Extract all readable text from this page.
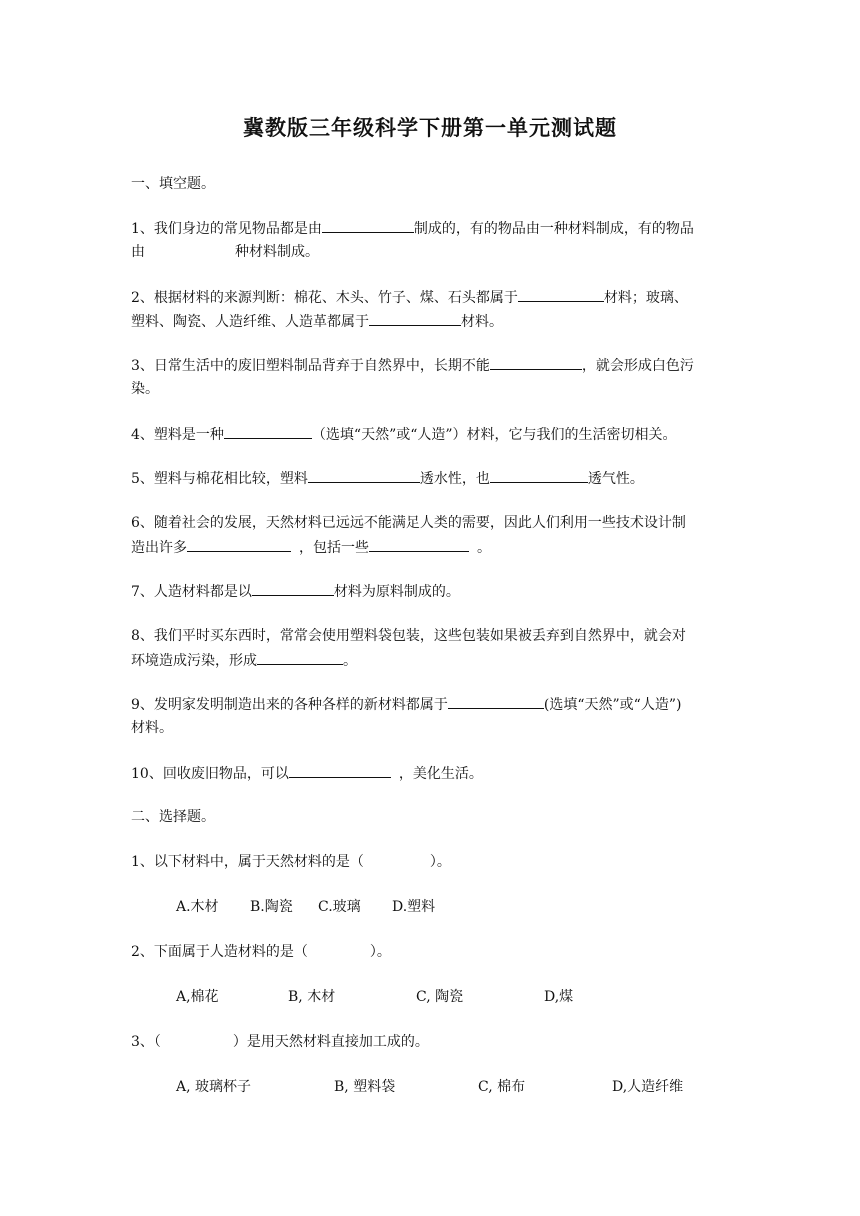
冀教版三年级科学下册第一单元测试题
一、填空题。
1、我们身边的常见物品都是由	制成的，有的物品由一种材料制成，有的物品
由	种材料制成。
2、根据材料的来源判断：棉花、木头、竹子、煤、石头都属于	材料；玻璃、
塑料、陶瓷、人造纤维、人造革都属于	材料。
3、日常生活中的废旧塑料制品背弃于自然界中，长期不能	，就会形成白色污
染。
4、塑料是一种	（选填“天然”或“人造”）材料，它与我们的生活密切相关。
5、塑料与棉花相比较，塑料	透水性，也	透气性。
6、随着社会的发展，天然材料已远远不能满足人类的需要，因此人们利用一些技术设计制
造出许多	，包括一些	。
7、人造材料都是以	材料为原料制成的。
8、我们平时买东西时，常常会使用塑料袋包装，这些包装如果被丢弃到自然界中，就会对
环境造成污染，形成	。
9、发明家发明制造出来的各种各样的新材料都属于	(选填“天然”或“人造”)
材料。
10、回收废旧物品，可以	，美化生活。
二、选择题。
1、以下材料中，属于天然材料的是（	）。
A.木材 B.陶瓷 C.玻璃 D.塑料
2、下面属于人造材料的是（	）。
A,棉花	B, 木材	C, 陶瓷	D,煤
3、（	）是用天然材料直接加工成的。
A, 玻璃杯子	B, 塑料袋	C, 棉布	D,人造纤维
